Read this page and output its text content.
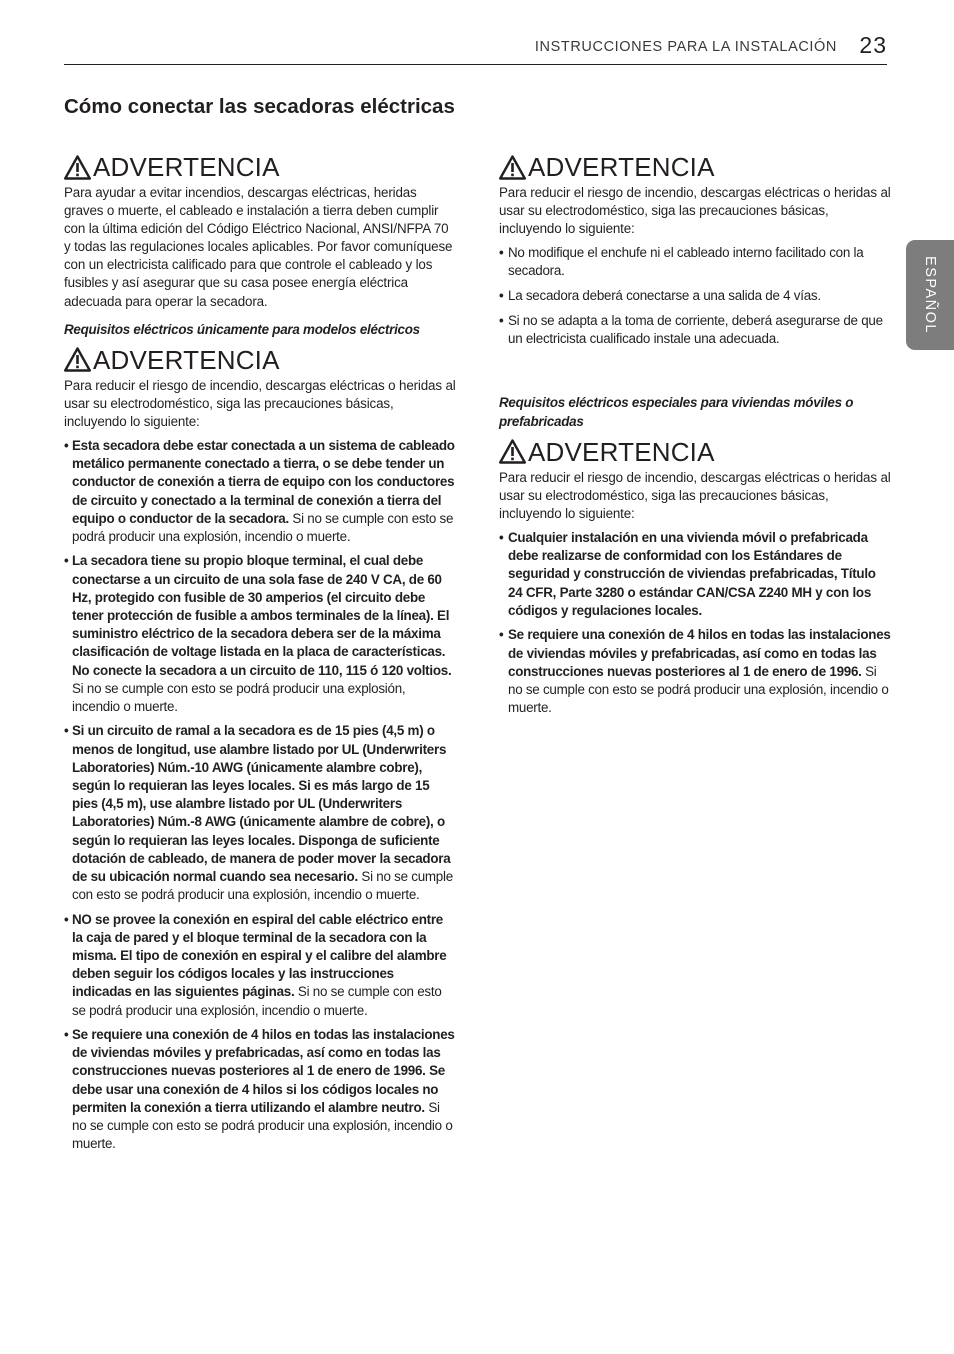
INSTRUCCIONES PARA LA INSTALACIÓN 23
Cómo conectar las secadoras eléctricas
ESPAÑOL
ADVERTENCIA

Para ayudar a evitar incendios, descargas eléctricas, heridas graves o muerte, el cableado e instalación a tierra deben cumplir con la última edición del Código Eléctrico Nacional, ANSI/NFPA 70 y todas las regulaciones locales aplicables. Por favor comuníquese con un electricista calificado para que controle el cableado y los fusibles y así asegurar que su casa posee energía eléctrica adecuada para operar la secadora.

Requisitos eléctricos únicamente para modelos eléctricos

ADVERTENCIA

Para reducir el riesgo de incendio, descargas eléctricas o heridas al usar su electrodoméstico, siga las precauciones básicas, incluyendo lo siguiente:

• Esta secadora debe estar conectada a un sistema de cableado metálico permanente conectado a tierra, o se debe tender un conductor de conexión a tierra de equipo con los conductores de circuito y conectado a la terminal de conexión a tierra del equipo o conductor de la secadora. Si no se cumple con esto se podrá producir una explosión, incendio o muerte.
• La secadora tiene su propio bloque terminal, el cual debe conectarse a un circuito de una sola fase de 240 V CA, de 60 Hz, protegido con fusible de 30 amperios (el circuito debe tener protección de fusible a ambos terminales de la línea). El suministro eléctrico de la secadora debera ser de la máxima clasificación de voltage listada en la placa de características. No conecte la secadora a un circuito de 110, 115 ó 120 voltios. Si no se cumple con esto se podrá producir una explosión, incendio o muerte.
• Si un circuito de ramal a la secadora es de 15 pies (4,5 m) o menos de longitud, use alambre listado por UL (Underwriters Laboratories) Núm.-10 AWG (únicamente alambre cobre), según lo requieran las leyes locales. Si es más largo de 15 pies (4,5 m), use alambre listado por UL (Underwriters Laboratories) Núm.-8 AWG (únicamente alambre de cobre), o según lo requieran las leyes locales. Disponga de suficiente dotación de cableado, de manera de poder mover la secadora de su ubicación normal cuando sea necesario. Si no se cumple con esto se podrá producir una explosión, incendio o muerte.
• NO se provee la conexión en espiral del cable eléctrico entre la caja de pared y el bloque terminal de la secadora con la misma. El tipo de conexión en espiral y el calibre del alambre deben seguir los códigos locales y las instrucciones indicadas en las siguientes páginas. Si no se cumple con esto se podrá producir una explosión, incendio o muerte.
• Se requiere una conexión de 4 hilos en todas las instalaciones de viviendas móviles y prefabricadas, así como en todas las construcciones nuevas posteriores al 1 de enero de 1996. Se debe usar una conexión de 4 hilos si los códigos locales no permiten la conexión a tierra utilizando el alambre neutro. Si no se cumple con esto se podrá producir una explosión, incendio o muerte.
ADVERTENCIA

Para reducir el riesgo de incendio, descargas eléctricas o heridas al usar su electrodoméstico, siga las precauciones básicas, incluyendo lo siguiente:

• No modifique el enchufe ni el cableado interno facilitado con la secadora.
• La secadora deberá conectarse a una salida de 4 vías.
• Si no se adapta a la toma de corriente, deberá asegurarse de que un electricista cualificado instale una adecuada.

Requisitos eléctricos especiales para viviendas móviles o prefabricadas

ADVERTENCIA

Para reducir el riesgo de incendio, descargas eléctricas o heridas al usar su electrodoméstico, siga las precauciones básicas, incluyendo lo siguiente:

• Cualquier instalación en una vivienda móvil o prefabricada debe realizarse de conformidad con los Estándares de seguridad y construcción de viviendas prefabricadas, Título 24 CFR, Parte 3280 o estándar CAN/CSA Z240 MH y con los códigos y regulaciones locales.
• Se requiere una conexión de 4 hilos en todas las instalaciones de viviendas móviles y prefabricadas, así como en todas las construcciones nuevas posteriores al 1 de enero de 1996. Si no se cumple con esto se podrá producir una explosión, incendio o muerte.
